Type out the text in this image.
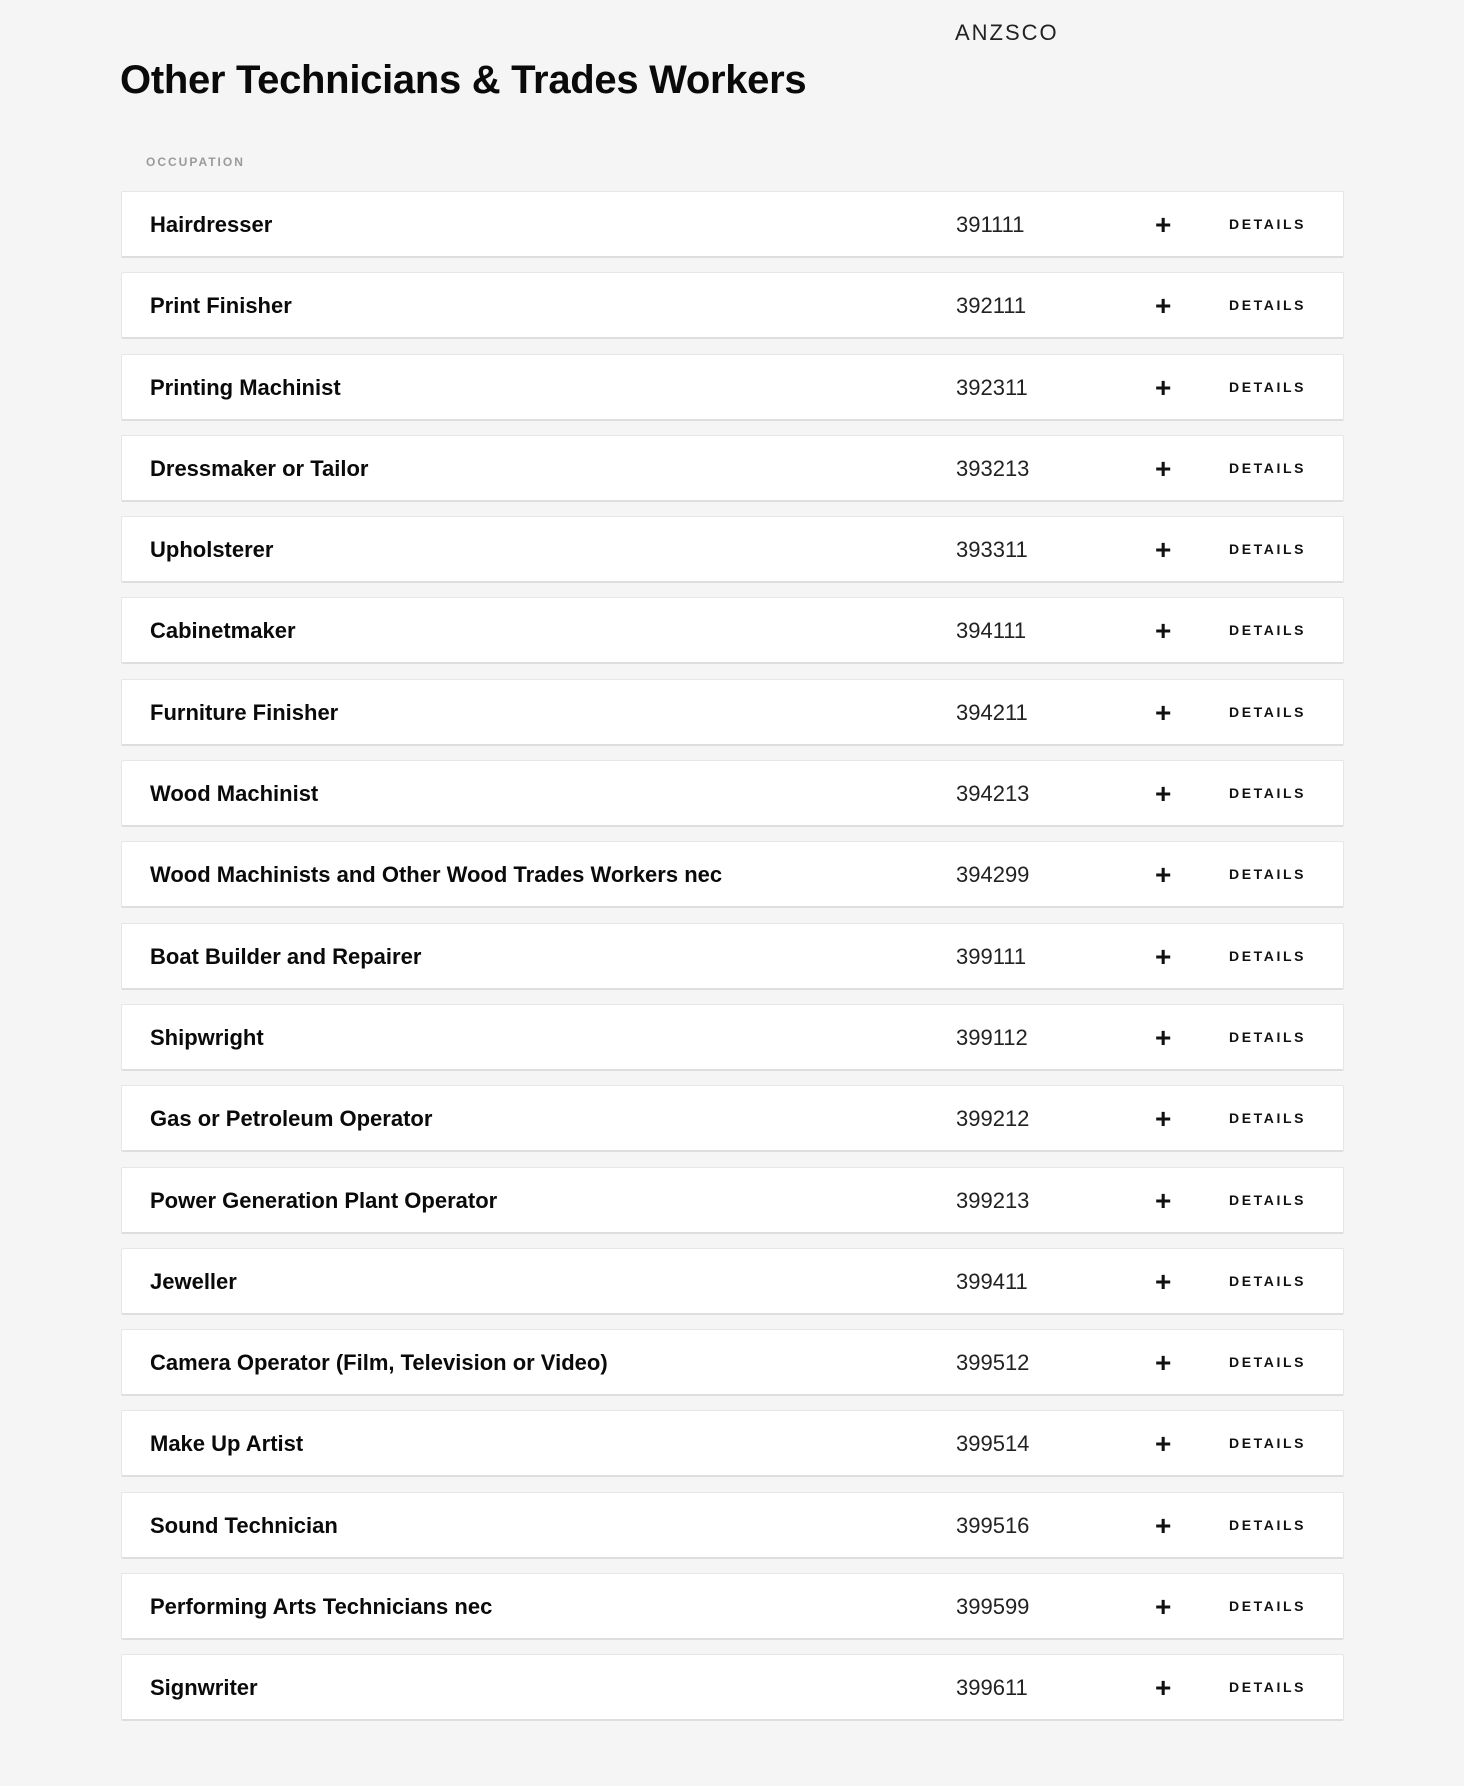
Other Technicians & Trades Workers
OCCUPATION
ANZSCO
Hairdresser	391111	+	DETAILS
Print Finisher	392111	+	DETAILS
Printing Machinist	392311	+	DETAILS
Dressmaker or Tailor	393213	+	DETAILS
Upholsterer	393311	+	DETAILS
Cabinetmaker	394111	+	DETAILS
Furniture Finisher	394211	+	DETAILS
Wood Machinist	394213	+	DETAILS
Wood Machinists and Other Wood Trades Workers nec	394299	+	DETAILS
Boat Builder and Repairer	399111	+	DETAILS
Shipwright	399112	+	DETAILS
Gas or Petroleum Operator	399212	+	DETAILS
Power Generation Plant Operator	399213	+	DETAILS
Jeweller	399411	+	DETAILS
Camera Operator (Film, Television or Video)	399512	+	DETAILS
Make Up Artist	399514	+	DETAILS
Sound Technician	399516	+	DETAILS
Performing Arts Technicians nec	399599	+	DETAILS
Signwriter	399611	+	DETAILS
